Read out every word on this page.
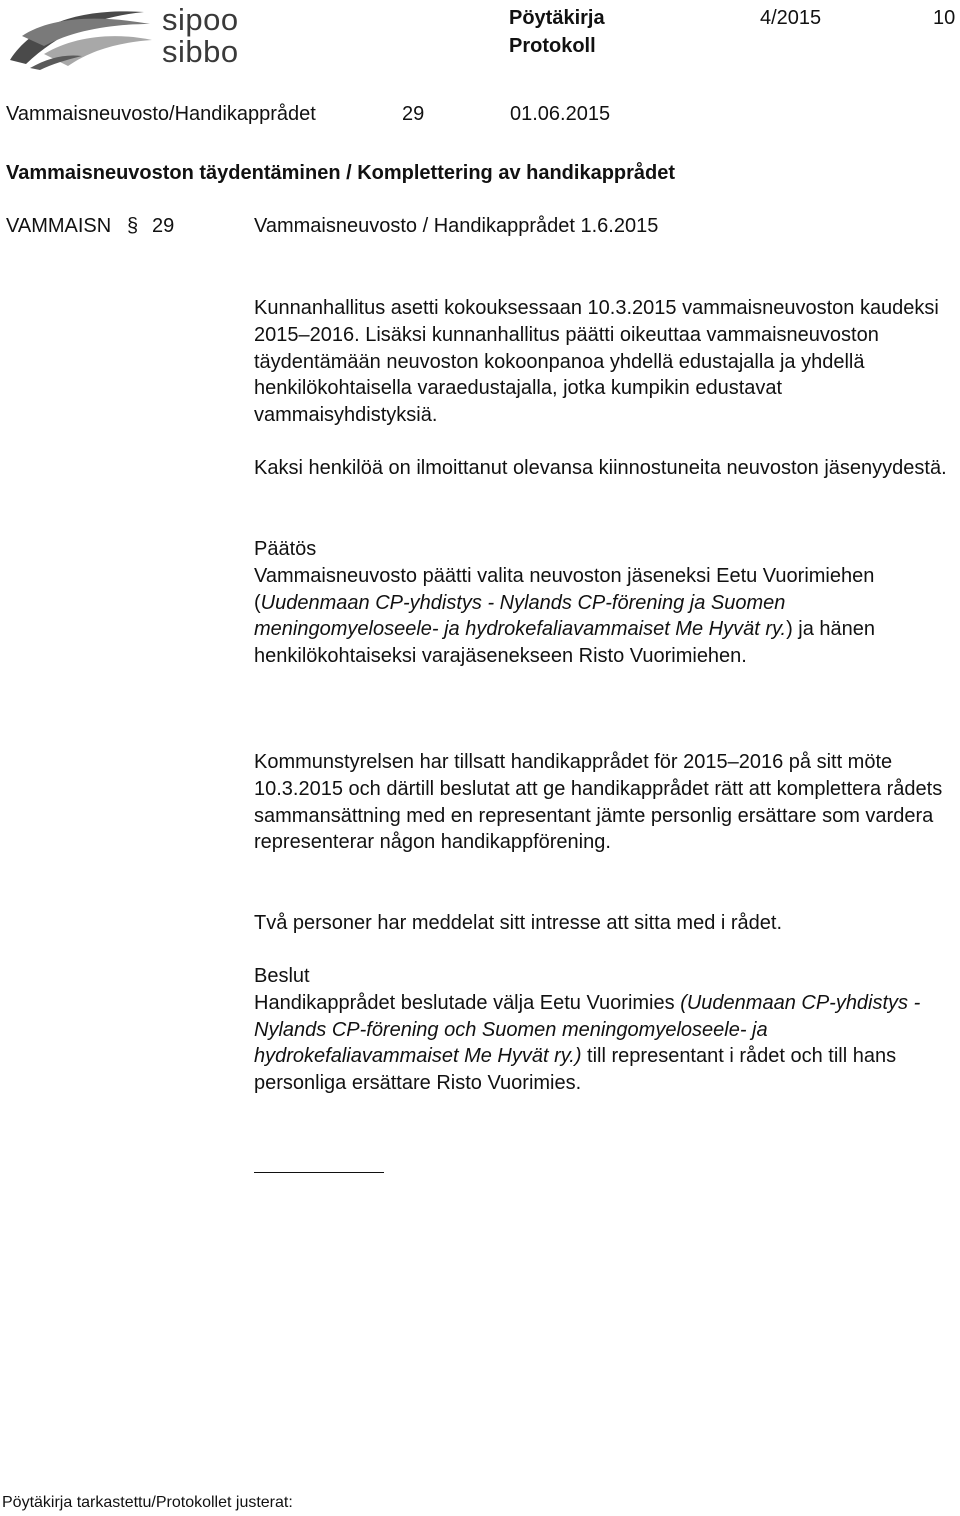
sipoo
sibbo
Pöytäkirja
Protokoll
4/2015	10
Vammaisneuvosto/Handikapprådet	29	01.06.2015
Vammaisneuvoston täydentäminen / Komplettering av handikapprådet
VAMMAISN § 29	Vammaisneuvosto / Handikapprådet 1.6.2015

Kunnanhallitus asetti kokouksessaan 10.3.2015 vammaisneuvoston kaudeksi 2015–2016. Lisäksi kunnanhallitus päätti oikeuttaa vammaisneuvoston täydentämään neuvoston kokoonpanoa yhdellä edustajalla ja yhdellä henkilökohtaisella varaedustajalla, jotka kumpikin edustavat vammaisyhdistyksiä.

Kaksi henkilöä on ilmoittanut olevansa kiinnostuneita neuvoston jäsenyydestä.

Päätös

Vammaisneuvosto päätti valita neuvoston jäseneksi Eetu Vuorimiehen (Uudenmaan CP-yhdistys - Nylands CP-förening ja Suomen meningomyeloseele- ja hydrokefaliavammaiset Me Hyvät ry.) ja hänen henkilökohtaiseksi varajäsenekseen Risto Vuorimiehen.

Kommunstyrelsen har tillsatt handikapprådet för 2015–2016 på sitt möte 10.3.2015 och därtill beslutat att ge handikapprådet rätt att komplettera rådets sammansättning med en representant jämte personlig ersättare som vardera representerar någon handikappförening.

Två personer har meddelat sitt intresse att sitta med i rådet.

Beslut

Handikapprådet beslutade välja Eetu Vuorimies (Uudenmaan CP-yhdistys - Nylands CP-förening och Suomen meningomyeloseele- ja hydrokefaliavammaiset Me Hyvät ry.) till representant i rådet och till hans personliga ersättare Risto Vuorimies.

Pöytäkirja tarkastettu/Protokollet justerat:
